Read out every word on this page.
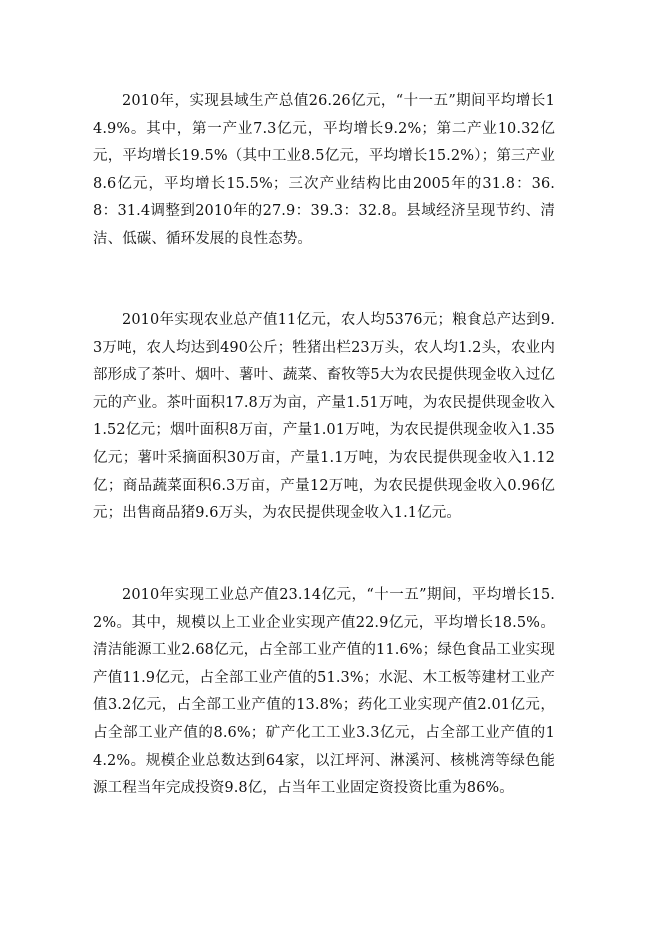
2010年，实现县域生产总值26.26亿元，“十一五”期间平均增长14.9%。其中，第一产业7.3亿元，平均增长9.2%；第二产业10.32亿元，平均增长19.5%（其中工业8.5亿元，平均增长15.2%）；第三产业8.6亿元，平均增长15.5%；三次产业结构比由2005年的31.8：36.8：31.4调整到2010年的27.9：39.3：32.8。县域经济呈现节约、清洁、低碳、循环发展的良性态势。

2010年实现农业总产值11亿元，农人均5376元；粮食总产达到9.3万吨，农人均达到490公斤；牲猪出栏23万头，农人均1.2头，农业内部形成了茶叶、烟叶、薯叶、蔬菜、畜牧等5大为农民提供现金收入过亿元的产业。茶叶面积17.8万为亩，产量1.51万吨，为农民提供现金收入1.52亿元；烟叶面积8万亩，产量1.01万吨，为农民提供现金收入1.35亿元；薯叶采摘面积30万亩，产量1.1万吨，为农民提供现金收入1.12亿；商品蔬菜面积6.3万亩，产量12万吨，为农民提供现金收入0.96亿元；出售商品猪9.6万头，为农民提供现金收入1.1亿元。

2010年实现工业总产值23.14亿元，“十一五”期间，平均增长15.2%。其中，规模以上工业企业实现产值22.9亿元，平均增长18.5%。清洁能源工业2.68亿元，占全部工业产值的11.6%；绿色食品工业实现产值11.9亿元，占全部工业产值的51.3%；水泥、木工板等建材工业产值3.2亿元，占全部工业产值的13.8%；药化工业实现产值2.01亿元，占全部工业产值的8.6%；矿产化工工业3.3亿元，占全部工业产值的14.2%。规模企业总数达到64家，以江坪河、淋溪河、核桃湾等绿色能源工程当年完成投资9.8亿，占当年工业固定资投资比重为86%。
